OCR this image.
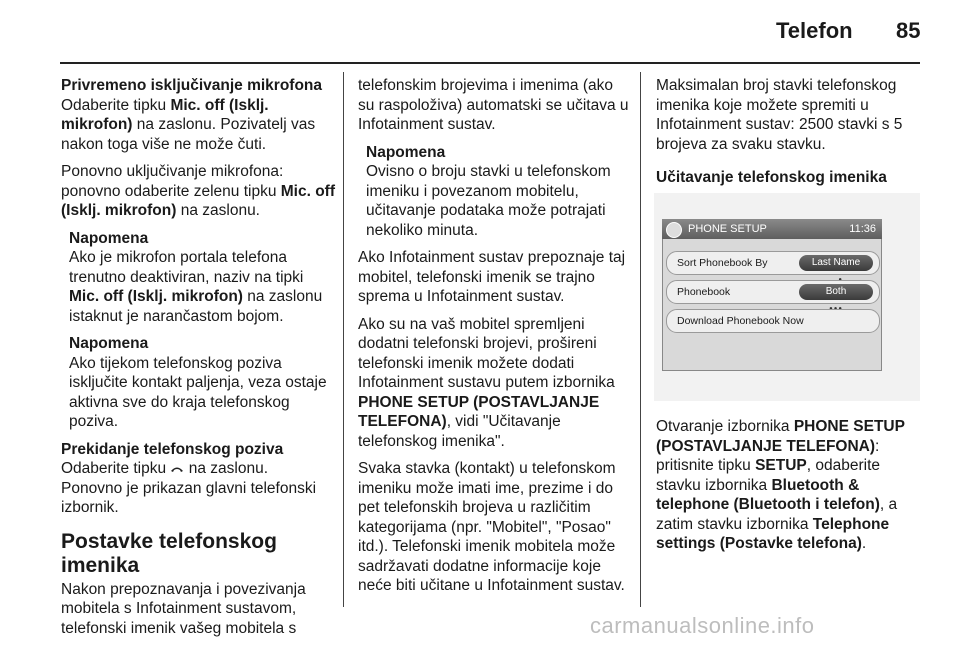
Telefon 85
Privremeno isključivanje mikrofona

Odaberite tipku Mic. off (Isklj. mikrofon) na zaslonu. Pozivatelj vas nakon toga više ne može čuti.

Ponovno uključivanje mikrofona: ponovno odaberite zelenu tipku Mic. off (Isklj. mikrofon) na zaslonu.

Napomena

Ako je mikrofon portala telefona trenutno deaktiviran, naziv na tipki Mic. off (Isklj. mikrofon) na zaslonu istaknut je narančastom bojom.

Napomena

Ako tijekom telefonskog poziva isključite kontakt paljenja, veza ostaje aktivna sve do kraja telefonskog poziva.

Prekidanje telefonskog poziva

Odaberite tipku  na zaslonu.

Ponovno je prikazan glavni telefonski izbornik.

Postavke telefonskog imenika

Nakon prepoznavanja i povezivanja mobitela s Infotainment sustavom, telefonski imenik vašeg mobitela s

telefonskim brojevima i imenima (ako su raspoloživa) automatski se učitava u Infotainment sustav.

Napomena

Ovisno o broju stavki u telefonskom imeniku i povezanom mobitelu, učitavanje podataka može potrajati nekoliko minuta.

Ako Infotainment sustav prepoznaje taj mobitel, telefonski imenik se trajno sprema u Infotainment sustav.

Ako su na vaš mobitel spremljeni dodatni telefonski brojevi, prošireni telefonski imenik možete dodati Infotainment sustavu putem izbornika PHONE SETUP (POSTAVLJANJE TELEFONA), vidi "Učitavanje telefonskog imenika".

Svaka stavka (kontakt) u telefonskom imeniku može imati ime, prezime i do pet telefonskih brojeva u različitim kategorijama (npr. "Mobitel", "Posao" itd.). Telefonski imenik mobitela može sadržavati dodatne informacije koje neće biti učitane u Infotainment sustav.

Maksimalan broj stavki telefonskog imenika koje možete spremiti u Infotainment sustav: 2500 stavki s 5 brojeva za svaku stavku.

Učitavanje telefonskog imenika
PHONE SETUP	11:36
Sort Phonebook By	Last Name
Phonebook	Both
Download Phonebook Now

Otvaranje izbornika PHONE SETUP (POSTAVLJANJE TELEFONA): pritisnite tipku SETUP, odaberite stavku izbornika Bluetooth & telephone (Bluetooth i telefon), a zatim stavku izbornika Telephone settings (Postavke telefona).

carmanualsonline.info
